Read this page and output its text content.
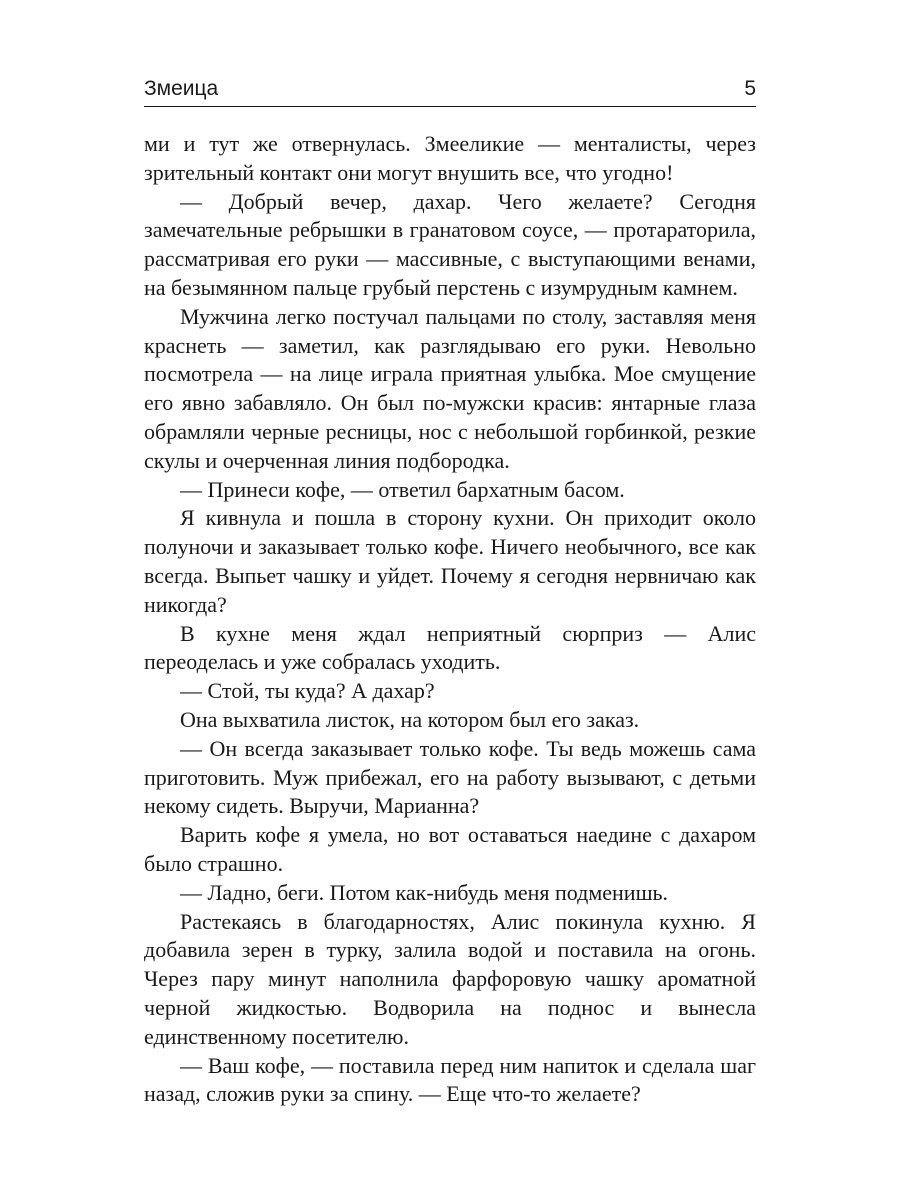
Змеица	5

ми и тут же отвернулась. Змееликие — менталисты, через зрительный контакт они могут внушить все, что угодно!

— Добрый вечер, дахар. Чего желаете? Сегодня замечательные ребрышки в гранатовом соусе, — протараторила, рассматривая его руки — массивные, с выступающими венами, на безымянном пальце грубый перстень с изумрудным камнем.

Мужчина легко постучал пальцами по столу, заставляя меня краснеть — заметил, как разглядываю его руки. Невольно посмотрела — на лице играла приятная улыбка. Мое смущение его явно забавляло. Он был по-мужски красив: янтарные глаза обрамляли черные ресницы, нос с небольшой горбинкой, резкие скулы и очерченная линия подбородка.

— Принеси кофе, — ответил бархатным басом.

Я кивнула и пошла в сторону кухни. Он приходит около полуночи и заказывает только кофе. Ничего необычного, все как всегда. Выпьет чашку и уйдет. Почему я сегодня нервничаю как никогда?

В кухне меня ждал неприятный сюрприз — Алис переоделась и уже собралась уходить.

— Стой, ты куда? А дахар?

Она выхватила листок, на котором был его заказ.

— Он всегда заказывает только кофе. Ты ведь можешь сама приготовить. Муж прибежал, его на работу вызывают, с детьми некому сидеть. Выручи, Марианна?

Варить кофе я умела, но вот оставаться наедине с дахаром было страшно.

— Ладно, беги. Потом как-нибудь меня подменишь.

Растекаясь в благодарностях, Алис покинула кухню. Я добавила зерен в турку, залила водой и поставила на огонь. Через пару минут наполнила фарфоровую чашку ароматной черной жидкостью. Водворила на поднос и вынесла единственному посетителю.

— Ваш кофе, — поставила перед ним напиток и сделала шаг назад, сложив руки за спину. — Еще что-то желаете?
